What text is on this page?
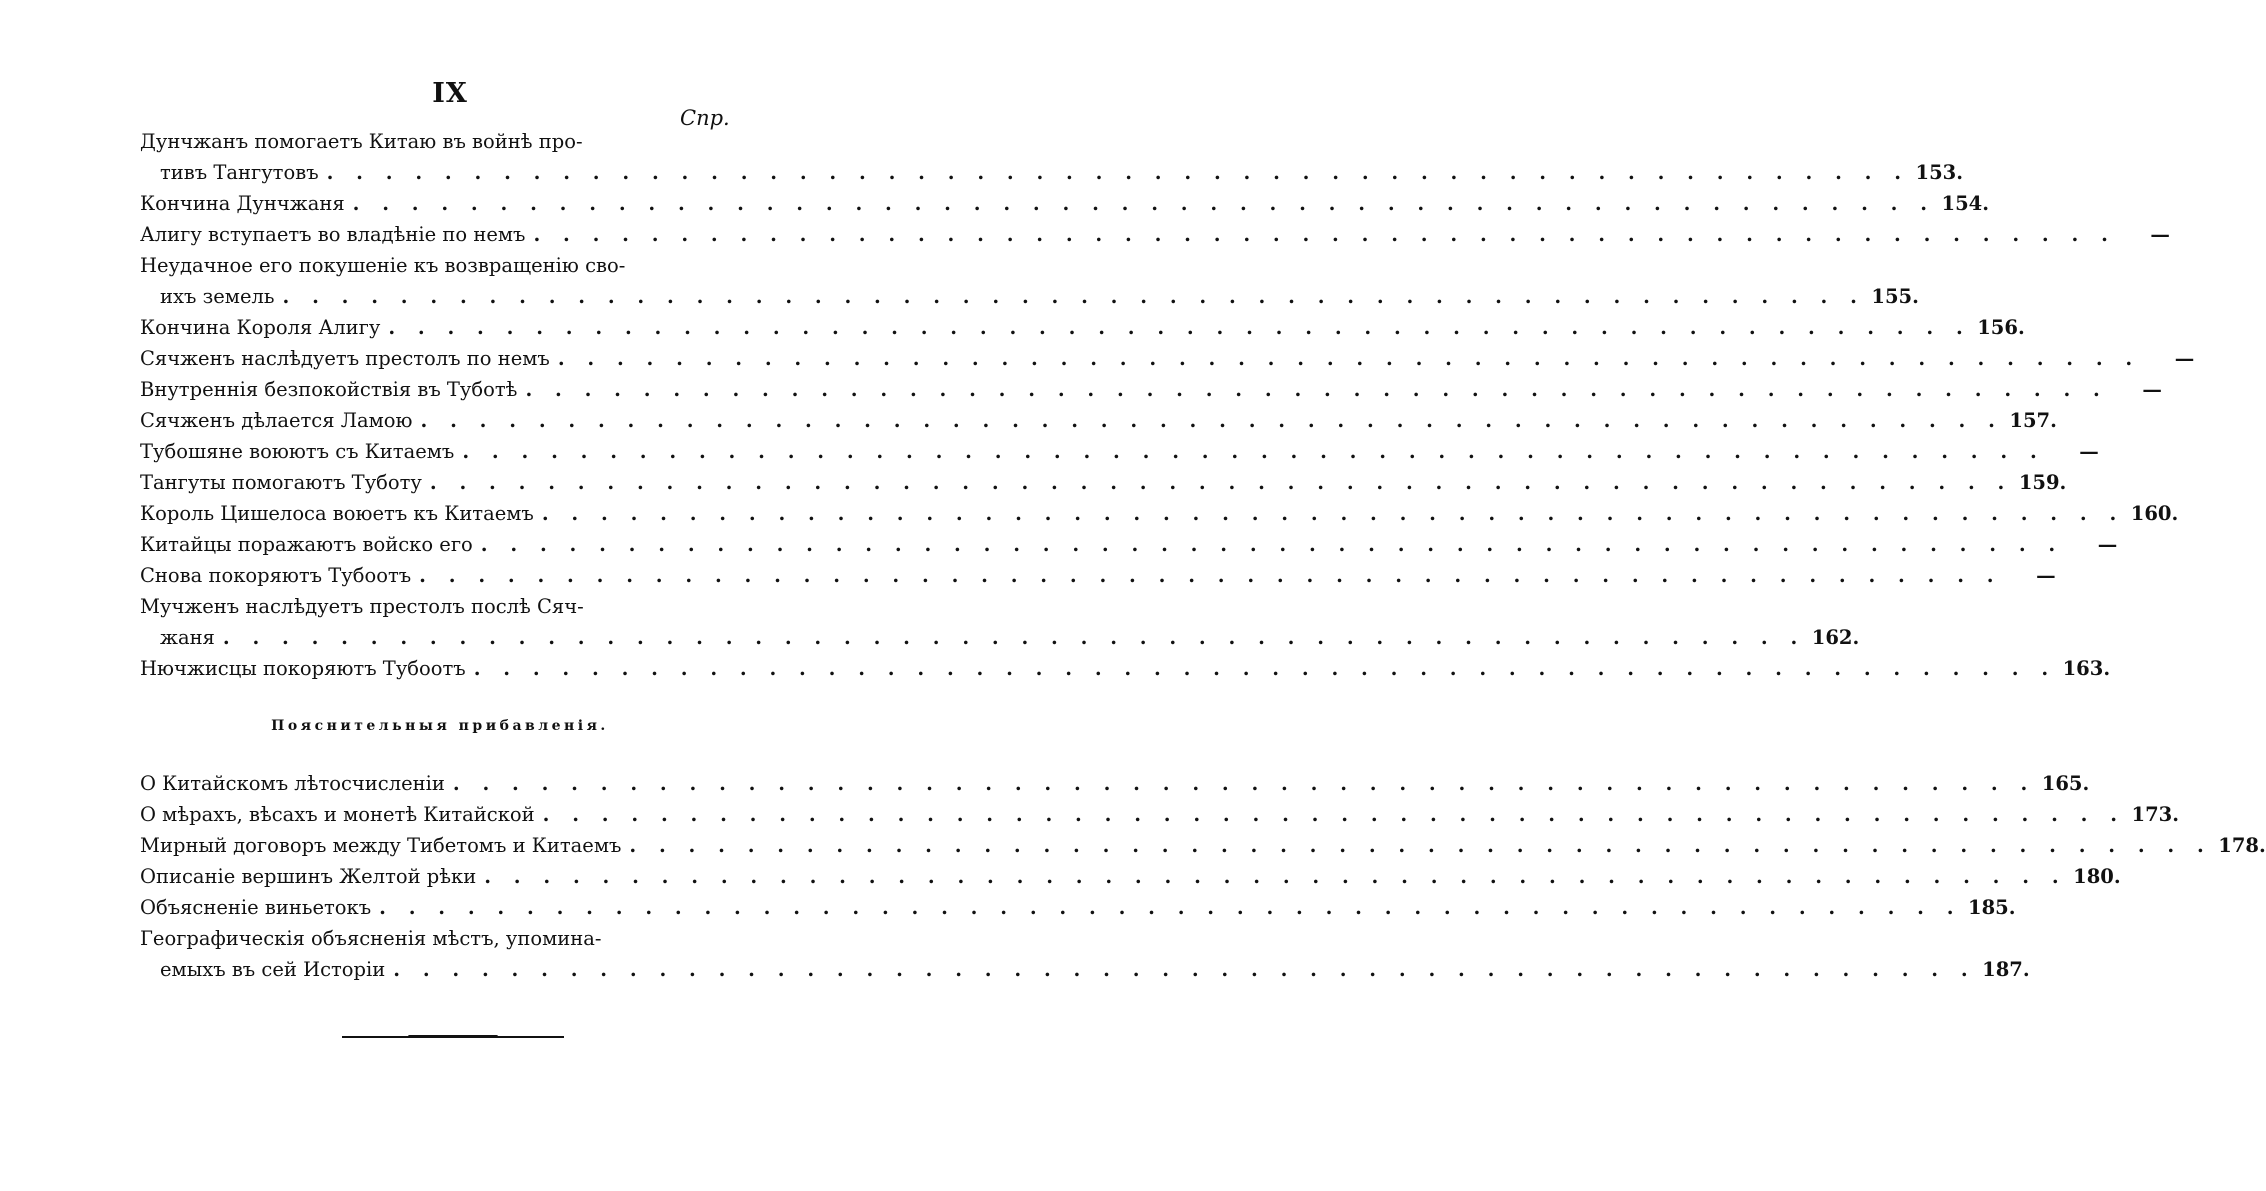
IX
Спр.
Дунчжанъ помогаетъ Китаю въ войнѣ про-
тивъ Тангутовъ . . .	153.
Кончина Дунчжаня . . .	154.
Алигу вступаетъ во владѣніе по немъ . . .	—
Неудачное его покушеніе къ возвращенію сво-
ихъ земель . . .	155.
Кончина Короля Алигу . . .	156.
Сячженъ наслѣдуетъ престолъ по немъ . . .	—
Внутреннія безпокойствія въ Туботѣ . . .	—
Сячженъ дѣлается Ламою . . .	157.
Тубошяне воюютъ съ Китаемъ . . .	—
Тангуты помогаютъ Туботу . . .	159.
Король Цишелоса воюетъ къ Китаемъ . . .	160.
Китайцы поражаютъ войско его . . .	—
Снова покоряютъ Тубоотъ . . .	—
Мучженъ наслѣдуетъ престолъ послѣ Сяч-
жаня . . .	162.
Нючжисцы покоряютъ Тубоотъ . . .	163.
Пояснительныя прибавленія.
О Китайскомъ лѣтосчисленіи . . .	165.
О мѣрахъ, вѣсахъ и монетѣ Китайской . . .	173.
Мирный договоръ между Тибетомъ и Китаемъ . . .	178.
Описаніе вершинъ Желтой рѣки . . .	180.
Объясненіе виньетокъ . . .	185.
Географическія объясненія мѣстъ, упомина-
емыхъ въ сей Исторіи . . .	187.
